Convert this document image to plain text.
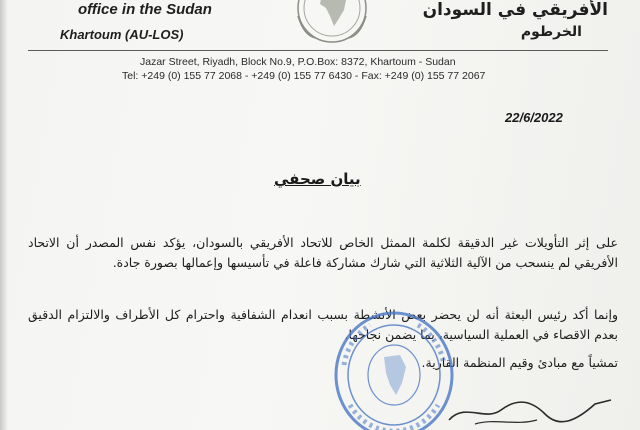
office in the Sudan
Khartoum (AU-LOS)
الأفريقي في السودان
الخرطوم
Jazar Street, Riyadh, Block No.9, P.O.Box: 8372, Khartoum - Sudan
Tel: +249 (0) 155 77 2068 - +249 (0) 155 77 6430 - Fax: +249 (0) 155 77 2067
22/6/2022
بيان صحفي
على إثر التأويلات غير الدقيقة لكلمة الممثل الخاص للاتحاد الأفريقي بالسودان، يؤكد نفس المصدر أن الاتحاد الأفريقي لم ينسحب من الآلية الثلاثية التي شارك مشاركة فاعلة في تأسيسها وإعمالها بصورة جادة.
وإنما أكد رئيس البعثة أنه لن يحضر بعض الأنشطة بسبب انعدام الشفافية واحترام كل الأطراف والالتزام الدقيق بعدم الاقصاء في العملية السياسية، بما يضمن نجاحها.
تمشياً مع مبادئ وقيم المنظمة القارية.
